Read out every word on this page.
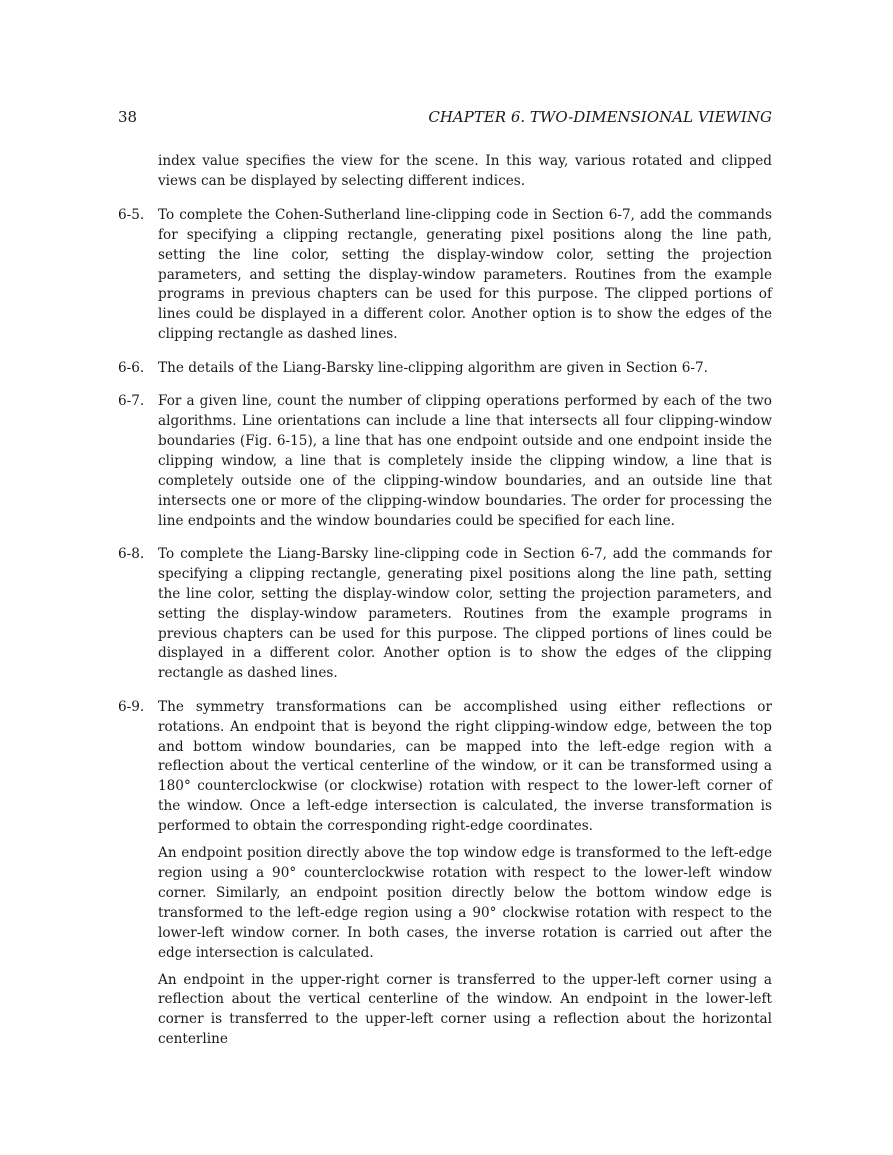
38	CHAPTER 6. TWO-DIMENSIONAL VIEWING

index value specifies the view for the scene. In this way, various rotated and clipped views can be displayed by selecting different indices.

6-5.	To complete the Cohen-Sutherland line-clipping code in Section 6-7, add the commands for specifying a clipping rectangle, generating pixel positions along the line path, setting the line color, setting the display-window color, setting the projection parameters, and setting the display-window parameters. Routines from the example programs in previous chapters can be used for this purpose. The clipped portions of lines could be displayed in a different color. Another option is to show the edges of the clipping rectangle as dashed lines.

6-6.	The details of the Liang-Barsky line-clipping algorithm are given in Section 6-7.

6-7.	For a given line, count the number of clipping operations performed by each of the two algorithms. Line orientations can include a line that intersects all four clipping-window boundaries (Fig. 6-15), a line that has one endpoint outside and one endpoint inside the clipping window, a line that is completely inside the clipping window, a line that is completely outside one of the clipping-window boundaries, and an outside line that intersects one or more of the clipping-window boundaries. The order for processing the line endpoints and the window boundaries could be specified for each line.

6-8.	To complete the Liang-Barsky line-clipping code in Section 6-7, add the commands for specifying a clipping rectangle, generating pixel positions along the line path, setting the line color, setting the display-window color, setting the projection parameters, and setting the display-window parameters. Routines from the example programs in previous chapters can be used for this purpose. The clipped portions of lines could be displayed in a different color. Another option is to show the edges of the clipping rectangle as dashed lines.

6-9.	The symmetry transformations can be accomplished using either reflections or rotations. An endpoint that is beyond the right clipping-window edge, between the top and bottom window boundaries, can be mapped into the left-edge region with a reflection about the vertical centerline of the window, or it can be transformed using a 180° counterclockwise (or clockwise) rotation with respect to the lower-left corner of the window. Once a left-edge intersection is calculated, the inverse transformation is performed to obtain the corresponding right-edge coordinates.

An endpoint position directly above the top window edge is transformed to the left-edge region using a 90° counterclockwise rotation with respect to the lower-left window corner. Similarly, an endpoint position directly below the bottom window edge is transformed to the left-edge region using a 90° clockwise rotation with respect to the lower-left window corner. In both cases, the inverse rotation is carried out after the edge intersection is calculated.

An endpoint in the upper-right corner is transferred to the upper-left corner using a reflection about the vertical centerline of the window. An endpoint in the lower-left corner is transferred to the upper-left corner using a reflection about the horizontal centerline
